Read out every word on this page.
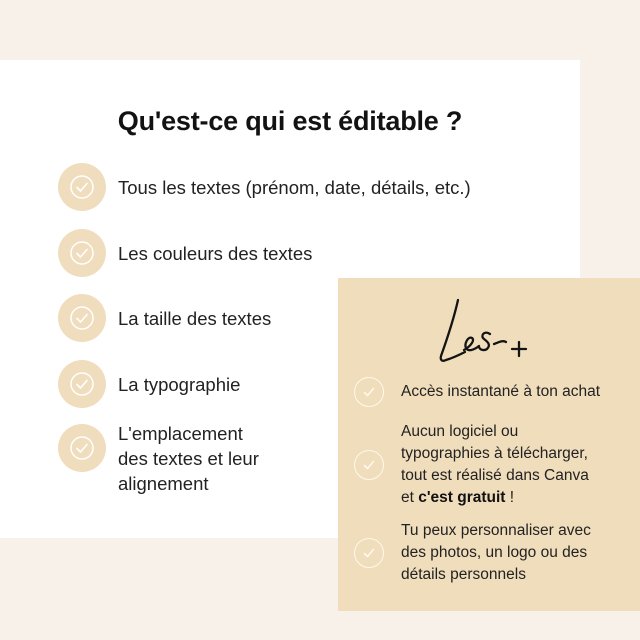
Qu'est-ce qui est éditable ?
Tous les textes (prénom, date, détails, etc.)
Les couleurs des textes
La taille des textes
La typographie
L'emplacement
des textes et leur
alignement
Accès instantané à ton achat
Aucun logiciel ou
typographies à télécharger,
tout est réalisé dans Canva
et c'est gratuit !
Tu peux personnaliser avec
des photos, un logo ou des
détails personnels
